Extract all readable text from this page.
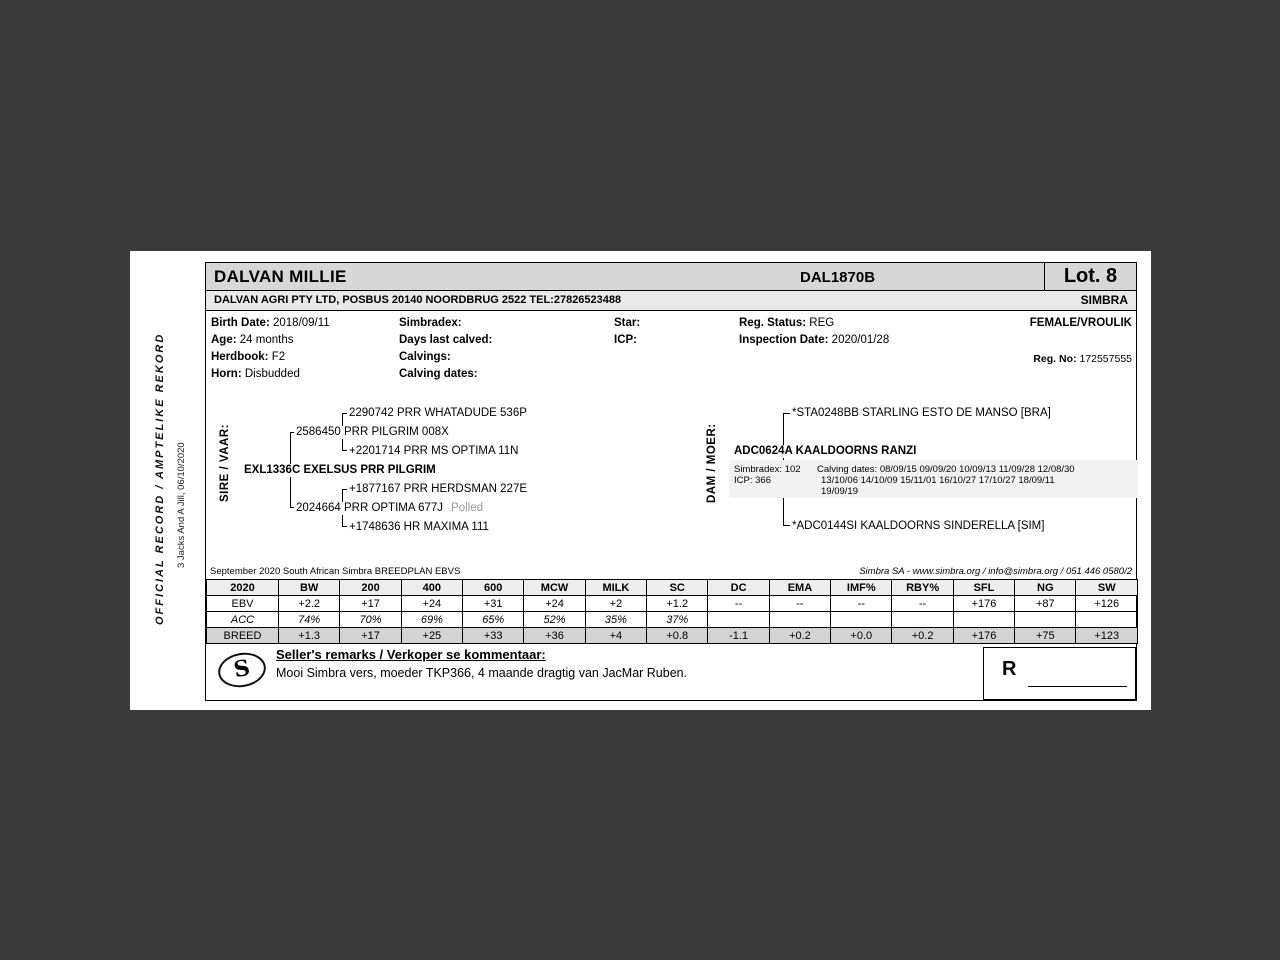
OFFICIAL RECORD / AMPTELIKE REKORD 3 Jacks And A Jill, 06/10/2020
DALVAN MILLIE	DAL1870B	Lot. 8
DALVAN AGRI PTY LTD, POSBUS 20140 NOORDBRUG 2522 TEL:27826523488	SIMBRA
Birth Date: 2018/09/11	Simbradex:	Star:	Reg. Status: REG	FEMALE/VROULIK
Age: 24 months	Days last calved:	ICP:	Inspection Date: 2020/01/28
Herdbook: F2	Calvings:	Reg. No: 172557555
Horn: Disbudded	Calving dates:
SIRE / VAAR:	DAM / MOER:
2290742 PRR WHATADUDE 536P
2586450 PRR PILGRIM 008X
+2201714 PRR MS OPTIMA 11N
EXL1336C EXELSUS PRR PILGRIM
+1877167 PRR HERDSMAN 227E
2024664 PRR OPTIMA 677J Polled
+1748636 HR MAXIMA 111
*STA0248BB STARLING ESTO DE MANSO [BRA]
ADC0624A KAALDOORNS RANZI
Simbradex: 102
ICP: 366
Calving dates: 08/09/15 09/09/20 10/09/13 11/09/28 12/08/30
13/10/06 14/10/09 15/11/01 16/10/27 17/10/27 18/09/11
19/09/19
*ADC0144SI KAALDOORNS SINDERELLA [SIM]
September 2020 South African Simbra BREEDPLAN EBVS	Simbra SA - www.simbra.org / info@simbra.org / 051 446 0580/2
2020	BW	200	400	600	MCW	MILK	SC	DC	EMA	IMF%	RBY%	SFL	NG	SW
EBV	+2.2	+17	+24	+31	+24	+2	+1.2	--	--	--	--	+176	+87	+126
ACC	74%	70%	69%	65%	52%	35%	37%							
BREED	+1.3	+17	+25	+33	+36	+4	+0.8	-1.1	+0.2	+0.0	+0.2	+176	+75	+123
S
Seller's remarks / Verkoper se kommentaar:
Mooi Simbra vers, moeder TKP366, 4 maande dragtig van JacMar Ruben.	R
